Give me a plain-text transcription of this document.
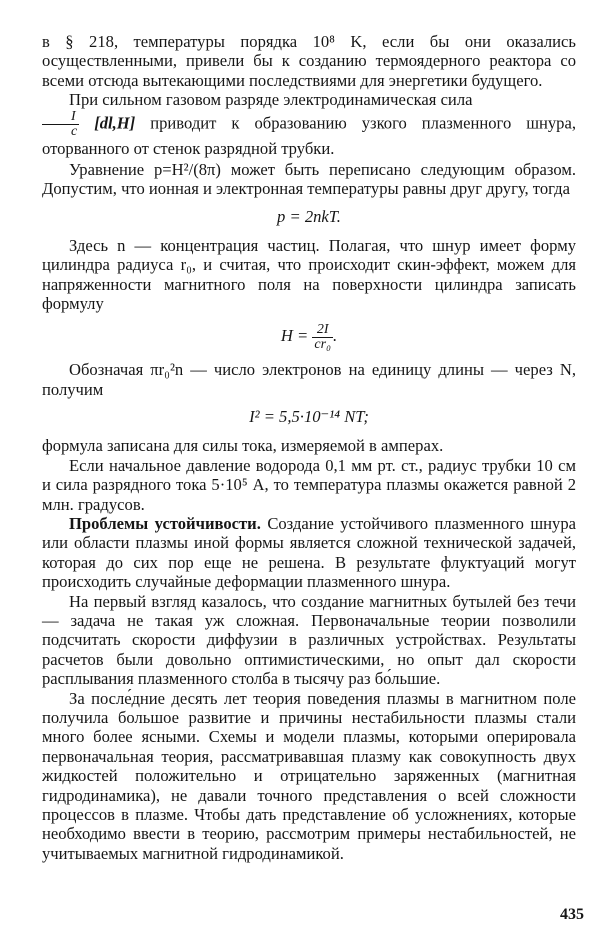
в § 218, температуры порядка 10⁸ K, если бы они оказались осуществленными, привели бы к созданию термоядерного реактора со всеми отсюда вытекающими последствиями для энергетики будущего.

При сильном газовом разряде электродинамическая сила

$\frac{I}{c} [dl,H]$ приводит к образованию узкого плазменного шнура, оторванного от стенок разрядной трубки.

Уравнение p=H²/(8π) может быть переписано следующим образом. Допустим, что ионная и электронная температуры равны друг другу, тогда

p = 2nkT.

Здесь n — концентрация частиц. Полагая, что шнур имеет форму цилиндра радиуса r₀, и считая, что происходит скин-эффект, можем для напряженности магнитного поля на поверхности цилиндра записать формулу

$H = \frac{2I}{\text{cr₀}}$ .

Обозначая πr₀²n — число электронов на единицу длины — через N, получим

I² = 5,5·10⁻¹⁴ NT;

формула записана для силы тока, измеряемой в амперах.

Если начальное давление водорода 0,1 мм рт. ст., радиус трубки 10 см и сила разрядного тока 5·10⁵ A, то температура плазмы окажется равной 2 млн. градусов.

Проблемы устойчивости. Создание устойчивого плазменного шнура или области плазмы иной формы является сложной технической задачей, которая до сих пор еще не решена. В результате флуктуаций могут происходить случайные деформации плазменного шнура.

На первый взгляд казалось, что создание магнитных бутылей без течи — задача не такая уж сложная. Первоначальные теории позволили подсчитать скорости диффузии в различных устройствах. Результаты расчетов были довольно оптимистическими, но опыт дал скорости расплывания плазменного столба в тысячу раз бо́льшие.

За после́дние десять лет теория поведения плазмы в магнитном поле получила большое развитие и причины нестабильности плазмы стали много более ясными. Схемы и модели плазмы, которыми оперировала первоначальная теория, рассматривавшая плазму как совокупность двух жидкостей положительно и отрицательно заряженных (магнитная гидродинамика), не давали точного представления о всей сложности процессов в плазме. Чтобы дать представление об усложнениях, которые необходимо ввести в теорию, рассмотрим примеры нестабильностей, не учитываемых магнитной гидродинамикой.

435
